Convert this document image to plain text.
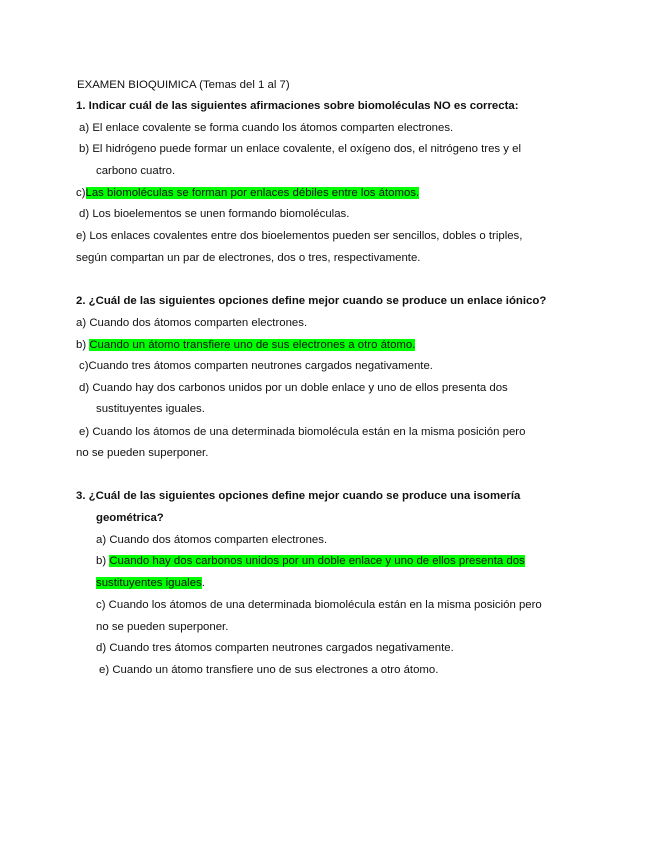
EXAMEN BIOQUIMICA (Temas del 1 al 7)
1. Indicar cuál de las siguientes afirmaciones sobre biomoléculas NO es correcta:
a) El enlace covalente se forma cuando los átomos comparten electrones.
b) El hidrógeno puede formar un enlace covalente, el oxígeno dos, el nitrógeno tres y el
carbono cuatro.
c)Las biomoléculas se forman por enlaces débiles entre los átomos.
d) Los bioelementos se unen formando biomoléculas.
e) Los enlaces covalentes entre dos bioelementos pueden ser sencillos, dobles o triples,
según compartan un par de electrones, dos o tres, respectivamente.
2. ¿Cuál de las siguientes opciones define mejor cuando se produce un enlace iónico?
a) Cuando dos átomos comparten electrones.
b) Cuando un átomo transfiere uno de sus electrones a otro átomo.
c)Cuando tres átomos comparten neutrones cargados negativamente.
d) Cuando hay dos carbonos unidos por un doble enlace y uno de ellos presenta dos
sustituyentes iguales.
e) Cuando los átomos de una determinada biomolécula están en la misma posición pero
no se pueden superponer.
3. ¿Cuál de las siguientes opciones define mejor cuando se produce una isomería
geométrica?
a) Cuando dos átomos comparten electrones.
b) Cuando hay dos carbonos unidos por un doble enlace y uno de ellos presenta dos
sustituyentes iguales.
c) Cuando los átomos de una determinada biomolécula están en la misma posición pero
no se pueden superponer.
d) Cuando tres átomos comparten neutrones cargados negativamente.
e) Cuando un átomo transfiere uno de sus electrones a otro átomo.
